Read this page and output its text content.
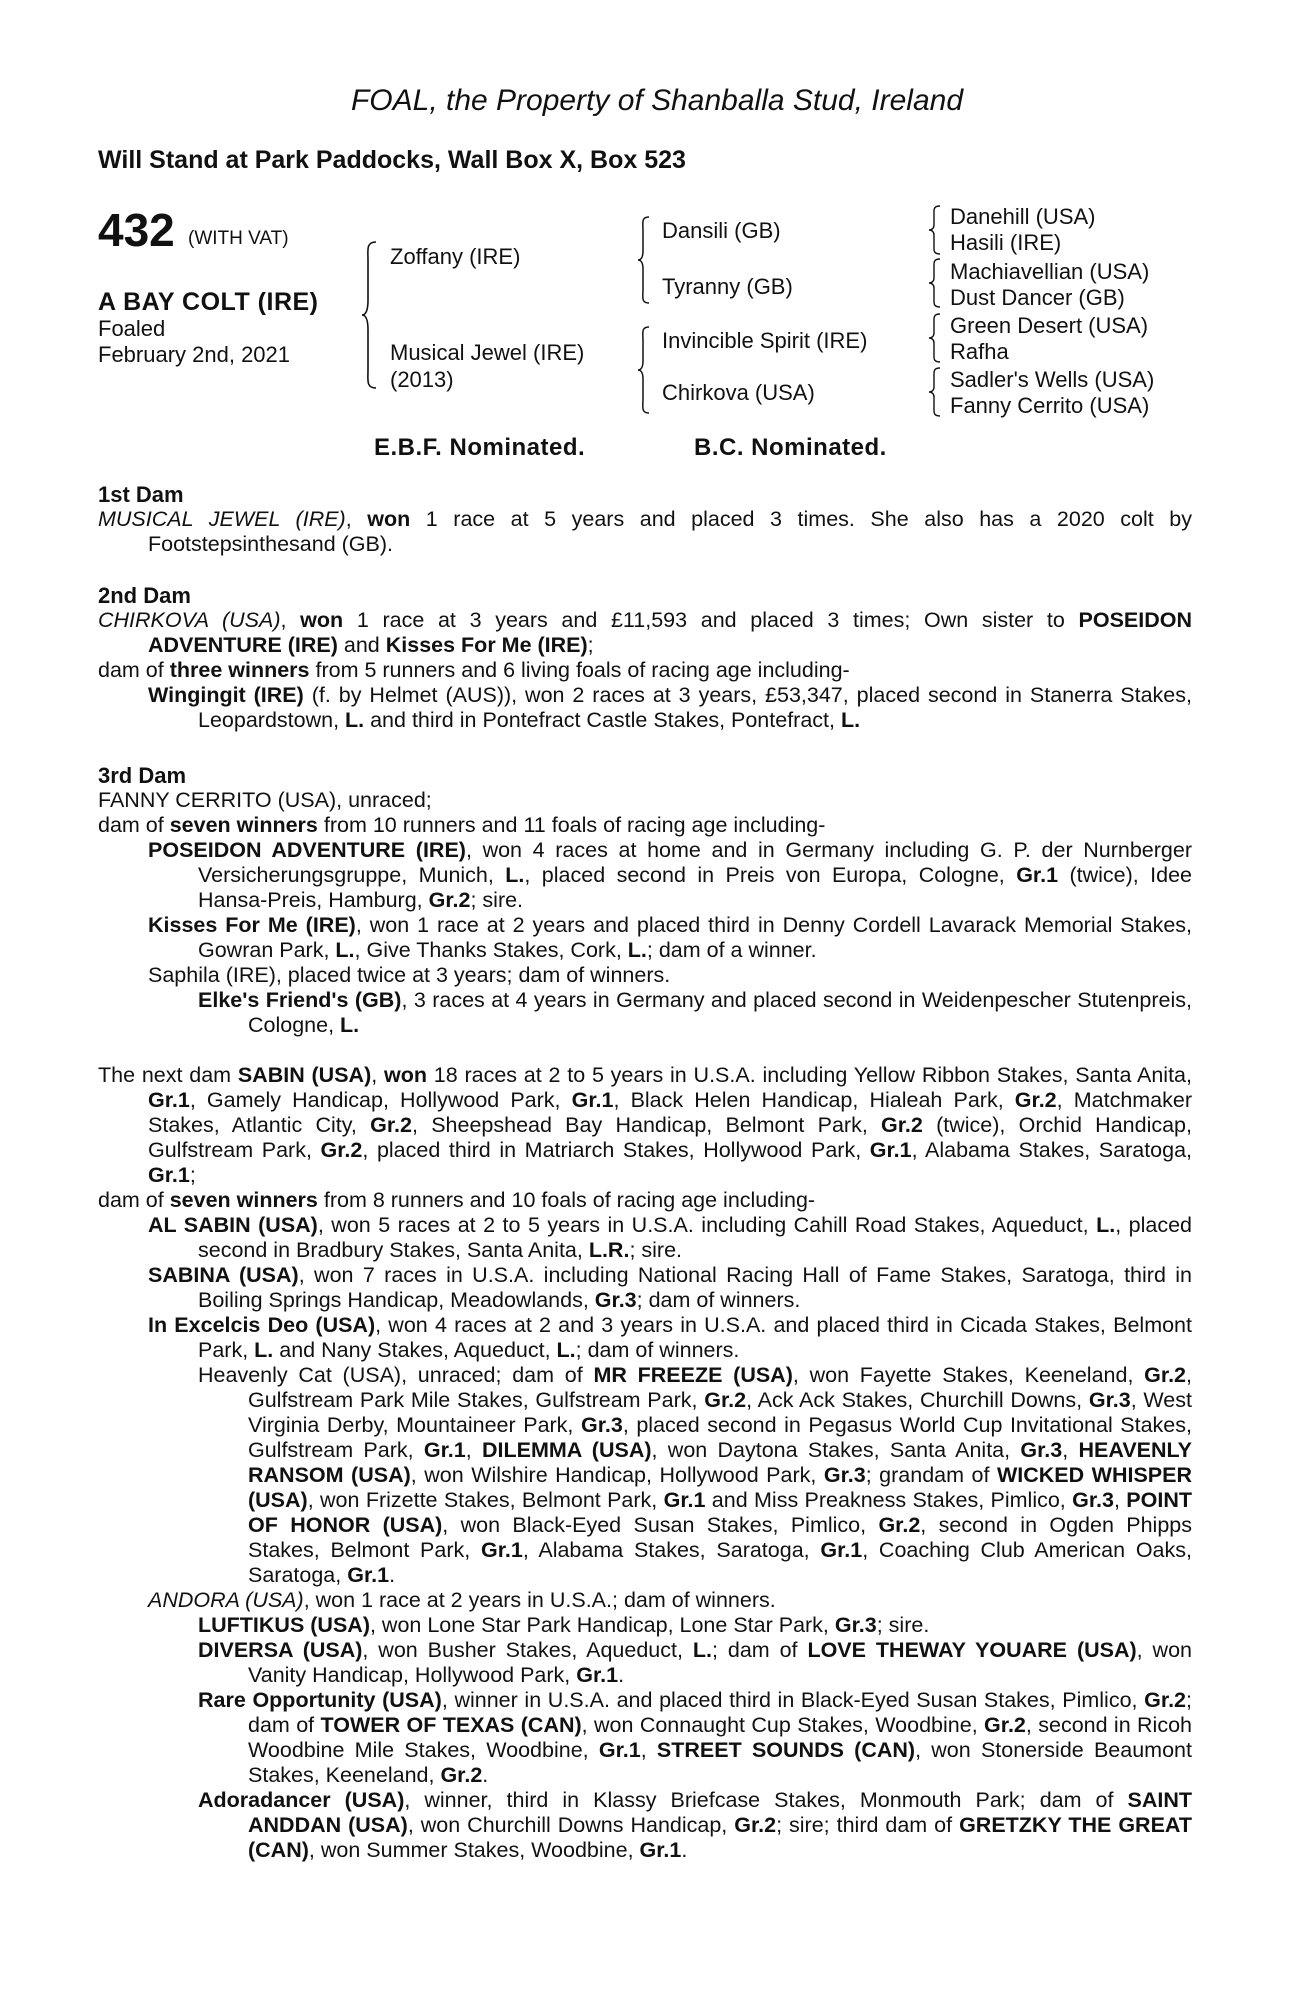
FOAL, the Property of Shanballa Stud, Ireland
Will Stand at Park Paddocks, Wall Box X, Box 523
432 (WITH VAT)
A BAY COLT (IRE)
Foaled
February 2nd, 2021
Zoffany (IRE)
Musical Jewel (IRE)
(2013)
Dansili (GB)
Tyranny (GB)
Invincible Spirit (IRE)
Chirkova (USA)
Danehill (USA)
Hasili (IRE)
Machiavellian (USA)
Dust Dancer (GB)
Green Desert (USA)
Rafha
Sadler's Wells (USA)
Fanny Cerrito (USA)
E.B.F. Nominated.	B.C. Nominated.

1st Dam

MUSICAL JEWEL (IRE), won 1 race at 5 years and placed 3 times. She also has a 2020 colt by Footstepsinthesand (GB).

2nd Dam

CHIRKOVA (USA), won 1 race at 3 years and £11,593 and placed 3 times; Own sister to POSEIDON ADVENTURE (IRE) and Kisses For Me (IRE);

dam of three winners from 5 runners and 6 living foals of racing age including-

Wingingit (IRE) (f. by Helmet (AUS)), won 2 races at 3 years, £53,347, placed second in Stanerra Stakes, Leopardstown, L. and third in Pontefract Castle Stakes, Pontefract, L.

3rd Dam

FANNY CERRITO (USA), unraced;

dam of seven winners from 10 runners and 11 foals of racing age including-

POSEIDON ADVENTURE (IRE), won 4 races at home and in Germany including G. P. der Nurnberger Versicherungsgruppe, Munich, L., placed second in Preis von Europa, Cologne, Gr.1 (twice), Idee Hansa-Preis, Hamburg, Gr.2; sire.

Kisses For Me (IRE), won 1 race at 2 years and placed third in Denny Cordell Lavarack Memorial Stakes, Gowran Park, L., Give Thanks Stakes, Cork, L.; dam of a winner.

Saphila (IRE), placed twice at 3 years; dam of winners.

Elke's Friend's (GB), 3 races at 4 years in Germany and placed second in Weidenpescher Stutenpreis, Cologne, L.

The next dam SABIN (USA), won 18 races at 2 to 5 years in U.S.A. including Yellow Ribbon Stakes, Santa Anita, Gr.1, Gamely Handicap, Hollywood Park, Gr.1, Black Helen Handicap, Hialeah Park, Gr.2, Matchmaker Stakes, Atlantic City, Gr.2, Sheepshead Bay Handicap, Belmont Park, Gr.2 (twice), Orchid Handicap, Gulfstream Park, Gr.2, placed third in Matriarch Stakes, Hollywood Park, Gr.1, Alabama Stakes, Saratoga, Gr.1;

dam of seven winners from 8 runners and 10 foals of racing age including-

AL SABIN (USA), won 5 races at 2 to 5 years in U.S.A. including Cahill Road Stakes, Aqueduct, L., placed second in Bradbury Stakes, Santa Anita, L.R.; sire.

SABINA (USA), won 7 races in U.S.A. including National Racing Hall of Fame Stakes, Saratoga, third in Boiling Springs Handicap, Meadowlands, Gr.3; dam of winners.

In Excelcis Deo (USA), won 4 races at 2 and 3 years in U.S.A. and placed third in Cicada Stakes, Belmont Park, L. and Nany Stakes, Aqueduct, L.; dam of winners.

Heavenly Cat (USA), unraced; dam of MR FREEZE (USA), won Fayette Stakes, Keeneland, Gr.2, Gulfstream Park Mile Stakes, Gulfstream Park, Gr.2, Ack Ack Stakes, Churchill Downs, Gr.3, West Virginia Derby, Mountaineer Park, Gr.3, placed second in Pegasus World Cup Invitational Stakes, Gulfstream Park, Gr.1, DILEMMA (USA), won Daytona Stakes, Santa Anita, Gr.3, HEAVENLY RANSOM (USA), won Wilshire Handicap, Hollywood Park, Gr.3; grandam of WICKED WHISPER (USA), won Frizette Stakes, Belmont Park, Gr.1 and Miss Preakness Stakes, Pimlico, Gr.3, POINT OF HONOR (USA), won Black-Eyed Susan Stakes, Pimlico, Gr.2, second in Ogden Phipps Stakes, Belmont Park, Gr.1, Alabama Stakes, Saratoga, Gr.1, Coaching Club American Oaks, Saratoga, Gr.1.

ANDORA (USA), won 1 race at 2 years in U.S.A.; dam of winners.

LUFTIKUS (USA), won Lone Star Park Handicap, Lone Star Park, Gr.3; sire.

DIVERSA (USA), won Busher Stakes, Aqueduct, L.; dam of LOVE THEWAY YOUARE (USA), won Vanity Handicap, Hollywood Park, Gr.1.

Rare Opportunity (USA), winner in U.S.A. and placed third in Black-Eyed Susan Stakes, Pimlico, Gr.2; dam of TOWER OF TEXAS (CAN), won Connaught Cup Stakes, Woodbine, Gr.2, second in Ricoh Woodbine Mile Stakes, Woodbine, Gr.1, STREET SOUNDS (CAN), won Stonerside Beaumont Stakes, Keeneland, Gr.2.

Adoradancer (USA), winner, third in Klassy Briefcase Stakes, Monmouth Park; dam of SAINT ANDDAN (USA), won Churchill Downs Handicap, Gr.2; sire; third dam of GRETZKY THE GREAT (CAN), won Summer Stakes, Woodbine, Gr.1.
